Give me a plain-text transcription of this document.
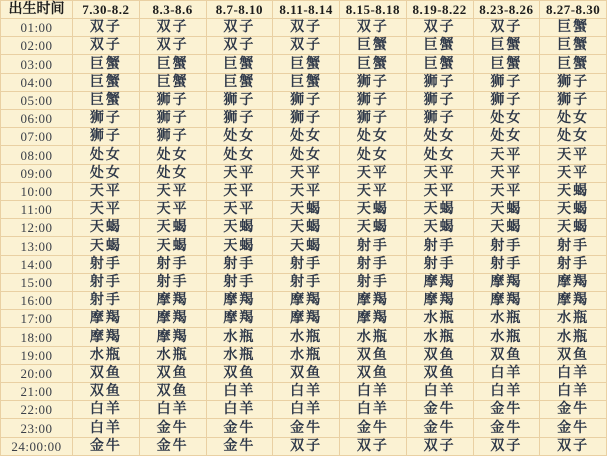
出生时间	7.30-8.2	8.3-8.6	8.7-8.10	8.11-8.14	8.15-8.18	8.19-8.22	8.23-8.26	8.27-8.30
01:00	双子	双子	双子	双子	双子	双子	双子	巨蟹
02:00	双子	双子	双子	双子	巨蟹	巨蟹	巨蟹	巨蟹
03:00	巨蟹	巨蟹	巨蟹	巨蟹	巨蟹	巨蟹	巨蟹	巨蟹
04:00	巨蟹	巨蟹	巨蟹	巨蟹	狮子	狮子	狮子	狮子
05:00	巨蟹	狮子	狮子	狮子	狮子	狮子	狮子	狮子
06:00	狮子	狮子	狮子	狮子	狮子	狮子	处女	处女
07:00	狮子	狮子	处女	处女	处女	处女	处女	处女
08:00	处女	处女	处女	处女	处女	处女	天平	天平
09:00	处女	处女	天平	天平	天平	天平	天平	天平
10:00	天平	天平	天平	天平	天平	天平	天平	天蝎
11:00	天平	天平	天平	天蝎	天蝎	天蝎	天蝎	天蝎
12:00	天蝎	天蝎	天蝎	天蝎	天蝎	天蝎	天蝎	天蝎
13:00	天蝎	天蝎	天蝎	天蝎	射手	射手	射手	射手
14:00	射手	射手	射手	射手	射手	射手	射手	射手
15:00	射手	射手	射手	射手	射手	摩羯	摩羯	摩羯
16:00	射手	摩羯	摩羯	摩羯	摩羯	摩羯	摩羯	摩羯
17:00	摩羯	摩羯	摩羯	摩羯	摩羯	水瓶	水瓶	水瓶
18:00	摩羯	摩羯	水瓶	水瓶	水瓶	水瓶	水瓶	水瓶
19:00	水瓶	水瓶	水瓶	水瓶	双鱼	双鱼	双鱼	双鱼
20:00	双鱼	双鱼	双鱼	双鱼	双鱼	双鱼	白羊	白羊
21:00	双鱼	双鱼	白羊	白羊	白羊	白羊	白羊	白羊
22:00	白羊	白羊	白羊	白羊	白羊	金牛	金牛	金牛
23:00	白羊	金牛	金牛	金牛	金牛	金牛	金牛	金牛
24:00:00	金牛	金牛	金牛	双子	双子	双子	双子	双子
